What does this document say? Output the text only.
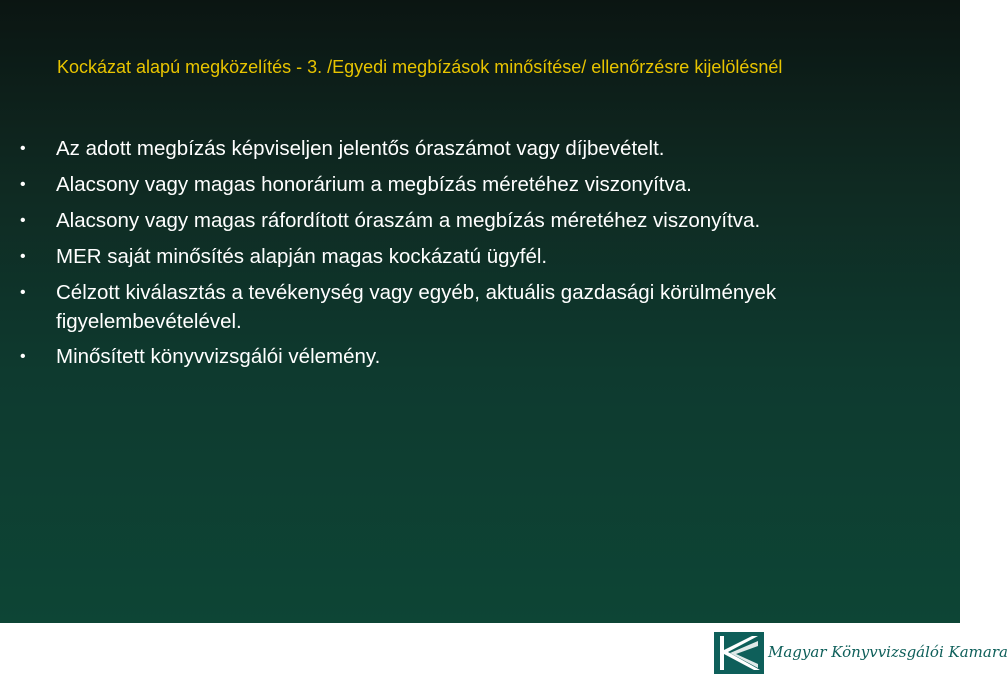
Kockázat alapú megközelítés - 3. /Egyedi megbízások minősítése/ ellenőrzésre kijelölésnél
• Az adott megbízás képviseljen jelentős óraszámot vagy díjbevételt.
• Alacsony vagy magas honorárium a megbízás méretéhez viszonyítva.
• Alacsony vagy magas ráfordított óraszám a megbízás méretéhez viszonyítva.
• MER saját minősítés alapján magas kockázatú ügyfél.
• Célzott kiválasztás a tevékenység vagy egyéb, aktuális gazdasági körülmények figyelembevételével.
• Minősített könyvvizsgálói vélemény.
Magyar Könyvvizsgálói Kamara
